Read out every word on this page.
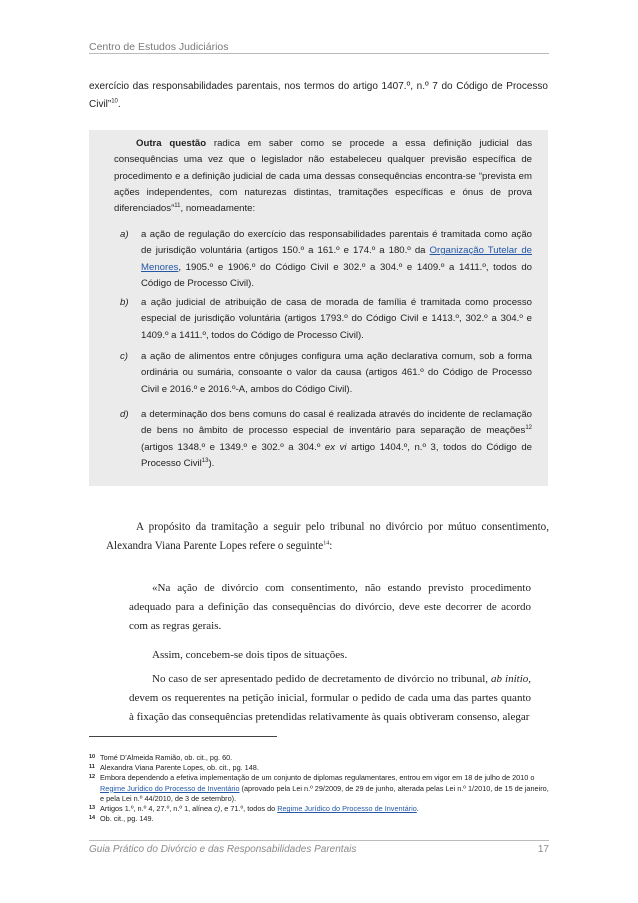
Centro de Estudos Judiciários
exercício das responsabilidades parentais, nos termos do artigo 1407.º, n.º 7 do Código de Processo Civil”$^{10}$.
Outra questão radica em saber como se procede a essa definição judicial das consequências uma vez que o legislador não estabeleceu qualquer previsão específica de procedimento e a definição judicial de cada uma dessas consequências encontra-se “prevista em ações independentes, com naturezas distintas, tramitações específicas e ónus de prova diferenciados”$^{11}$, nomeadamente:
a) a ação de regulação do exercício das responsabilidades parentais é tramitada como ação de jurisdição voluntária (artigos 150.º a 161.º e 174.º a 180.º da Organização Tutelar de Menores, 1905.º e 1906.º do Código Civil e 302.º a 304.º e 1409.º a 1411.º, todos do Código de Processo Civil).
b) a ação judicial de atribuição de casa de morada de família é tramitada como processo especial de jurisdição voluntária (artigos 1793.º do Código Civil e 1413.º, 302.º a 304.º e 1409.º a 1411.º, todos do Código de Processo Civil).
c) a ação de alimentos entre cônjuges configura uma ação declarativa comum, sob a forma ordinária ou sumária, consoante o valor da causa (artigos 461.º do Código de Processo Civil e 2016.º e 2016.º-A, ambos do Código Civil).
d) a determinação dos bens comuns do casal é realizada através do incidente de reclamação de bens no âmbito de processo especial de inventário para separação de meações$^{12}$ (artigos 1348.º e 1349.º e 302.º a 304.º ex vi artigo 1404.º, n.º 3, todos do Código de Processo Civil$^{13}$).
A propósito da tramitação a seguir pelo tribunal no divórcio por mútuo consentimento, Alexandra Viana Parente Lopes refere o seguinte$^{14}$:
«Na ação de divórcio com consentimento, não estando previsto procedimento adequado para a definição das consequências do divórcio, deve este decorrer de acordo com as regras gerais.
Assim, concebem-se dois tipos de situações.
No caso de ser apresentado pedido de decretamento de divórcio no tribunal, ab initio, devem os requerentes na petição inicial, formular o pedido de cada uma das partes quanto à fixação das consequências pretendidas relativamente às quais obtiveram consenso, alegar
10 Tomé D’Almeida Ramião, ob. cit., pg. 60.
11 Alexandra Viana Parente Lopes, ob. cit., pg. 148.
12 Embora dependendo a efetiva implementação de um conjunto de diplomas regulamentares, entrou em vigor em 18 de julho de 2010 o Regime Jurídico do Processo de Inventário (aprovado pela Lei n.º 29/2009, de 29 de junho, alterada pelas Lei n.º 1/2010, de 15 de janeiro, e pela Lei n.º 44/2010, de 3 de setembro).
13 Artigos 1.º, n.º 4, 27.º, n.º 1, alínea c), e 71.º, todos do Regime Jurídico do Processo de Inventário.
14 Ob. cit., pg. 149.
Guia Prático do Divórcio e das Responsabilidades Parentais	17
